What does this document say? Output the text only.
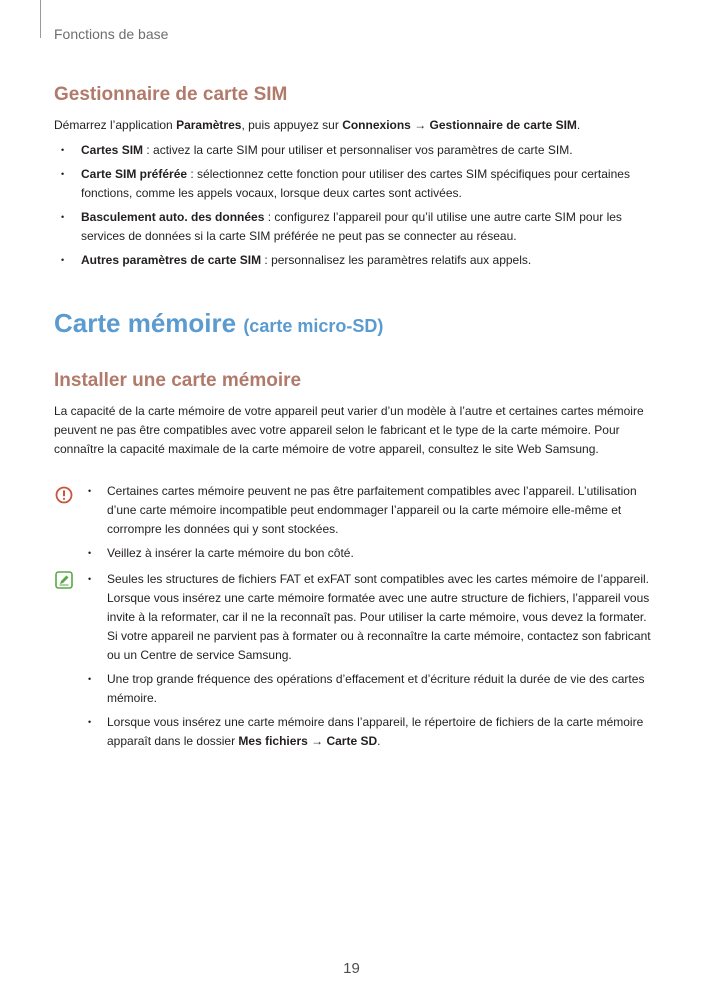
Fonctions de base
Gestionnaire de carte SIM

Démarrez l’application Paramètres, puis appuyez sur Connexions → Gestionnaire de carte SIM.

• Cartes SIM : activez la carte SIM pour utiliser et personnaliser vos paramètres de carte SIM.
• Carte SIM préférée : sélectionnez cette fonction pour utiliser des cartes SIM spécifiques pour certaines fonctions, comme les appels vocaux, lorsque deux cartes sont activées.
• Basculement auto. des données : configurez l’appareil pour qu’il utilise une autre carte SIM pour les services de données si la carte SIM préférée ne peut pas se connecter au réseau.
• Autres paramètres de carte SIM : personnalisez les paramètres relatifs aux appels.
Carte mémoire (carte micro-SD)
Installer une carte mémoire

La capacité de la carte mémoire de votre appareil peut varier d’un modèle à l’autre et certaines cartes mémoire peuvent ne pas être compatibles avec votre appareil selon le fabricant et le type de la carte mémoire. Pour connaître la capacité maximale de la carte mémoire de votre appareil, consultez le site Web Samsung.

• Certaines cartes mémoire peuvent ne pas être parfaitement compatibles avec l’appareil. L’utilisation d’une carte mémoire incompatible peut endommager l’appareil ou la carte mémoire elle-même et corrompre les données qui y sont stockées.
• Veillez à insérer la carte mémoire du bon côté.
• Seules les structures de fichiers FAT et exFAT sont compatibles avec les cartes mémoire de l’appareil. Lorsque vous insérez une carte mémoire formatée avec une autre structure de fichiers, l’appareil vous invite à la reformater, car il ne la reconnaît pas. Pour utiliser la carte mémoire, vous devez la formater. Si votre appareil ne parvient pas à formater ou à reconnaître la carte mémoire, contactez son fabricant ou un Centre de service Samsung.
• Une trop grande fréquence des opérations d’effacement et d’écriture réduit la durée de vie des cartes mémoire.
• Lorsque vous insérez une carte mémoire dans l’appareil, le répertoire de fichiers de la carte mémoire apparaît dans le dossier Mes fichiers → Carte SD.
19
